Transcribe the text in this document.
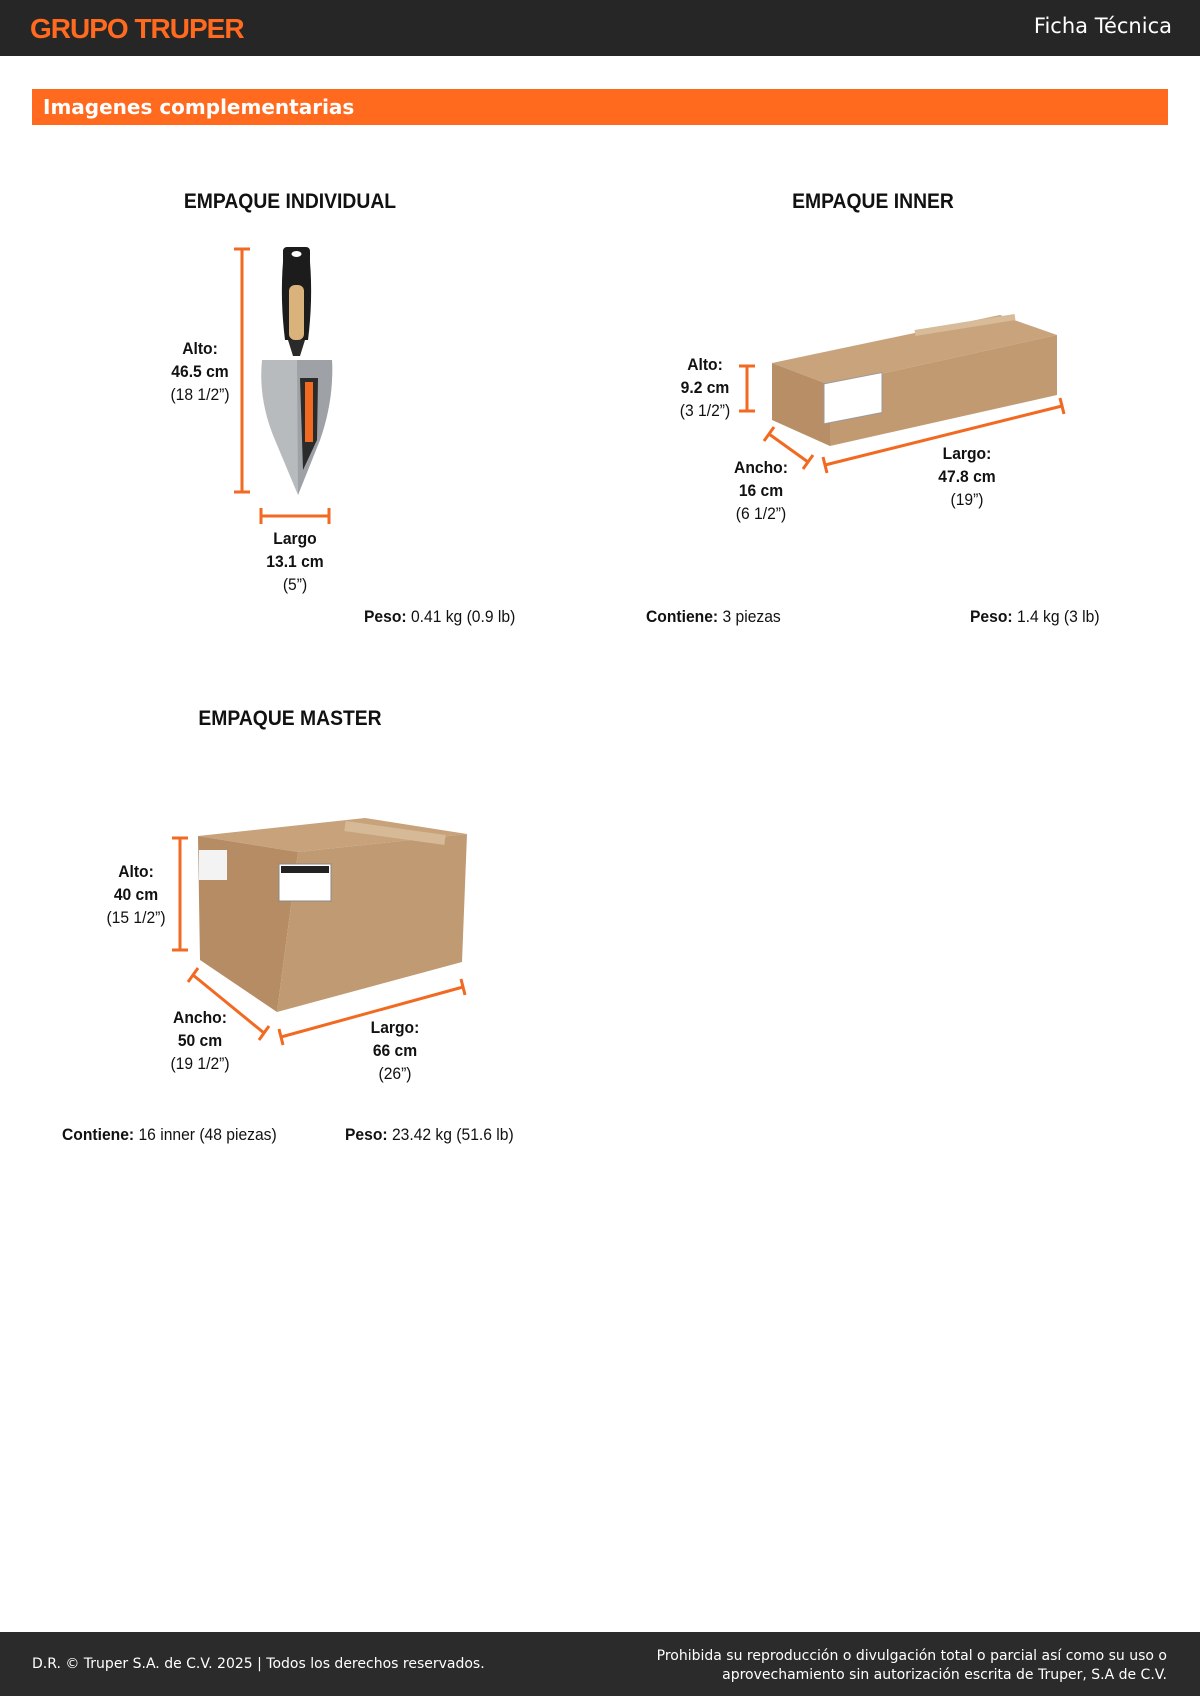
GRUPO TRUPER	Ficha Técnica
Imagenes complementarias
EMPAQUE INDIVIDUAL
Alto:
46.5 cm
(18 1/2”)
Largo
13.1 cm
(5”)
Peso: 0.41 kg (0.9 lb)
EMPAQUE INNER
Alto:
9.2 cm
(3 1/2”)
Ancho:
16 cm
(6 1/2”)
Largo:
47.8 cm
(19”)
Contiene: 3 piezas	Peso: 1.4 kg (3 lb)
EMPAQUE MASTER
Alto:
40 cm
(15 1/2”)
Ancho:
50 cm
(19 1/2”)
Largo:
66 cm
(26”)
Contiene: 16 inner (48 piezas)	Peso: 23.42 kg (51.6 lb)
D.R. © Truper S.A. de C.V. 2025 | Todos los derechos reservados.	Prohibida su reproducción o divulgación total o parcial así como su uso o
aprovechamiento sin autorización escrita de Truper, S.A de C.V.
